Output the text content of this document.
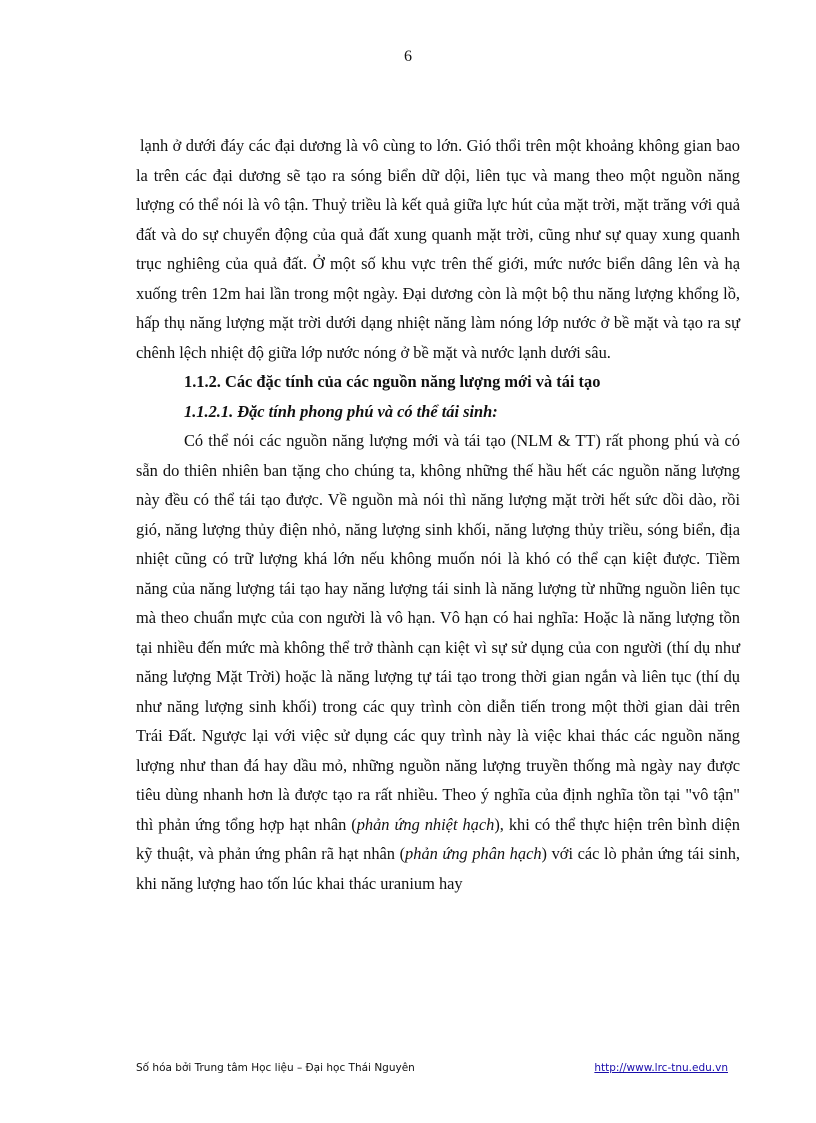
6

lạnh ở dưới đáy các đại dương là vô cùng to lớn. Gió thổi trên một khoảng không gian bao la trên các đại dương sẽ tạo ra sóng biển dữ dội, liên tục và mang theo một nguồn năng lượng có thể nói là vô tận. Thuỷ triều là kết quả giữa lực hút của mặt trời, mặt trăng với quả đất và do sự chuyển động của quả đất xung quanh mặt trời, cũng như sự quay xung quanh trục nghiêng của quả đất. Ở một số khu vực trên thế giới, mức nước biển dâng lên và hạ xuống trên 12m hai lần trong một ngày. Đại dương còn là một bộ thu năng lượng khổng lồ, hấp thụ năng lượng mặt trời dưới dạng nhiệt năng làm nóng lớp nước ở bề mặt và tạo ra sự chênh lệch nhiệt độ giữa lớp nước nóng ở bề mặt và nước lạnh dưới sâu.

1.1.2. Các đặc tính của các nguồn năng lượng mới và tái tạo

1.1.2.1. Đặc tính phong phú và có thể tái sinh:

Có thể nói các nguồn năng lượng mới và tái tạo (NLM & TT) rất phong phú và có sẵn do thiên nhiên ban tặng cho chúng ta, không những thế hầu hết các nguồn năng lượng này đều có thể tái tạo được. Về nguồn mà nói thì năng lượng mặt trời hết sức dồi dào, rồi gió, năng lượng thủy điện nhỏ, năng lượng sinh khối, năng lượng thủy triều, sóng biển, địa nhiệt cũng có trữ lượng khá lớn nếu không muốn nói là khó có thể cạn kiệt được. Tiềm năng của năng lượng tái tạo hay năng lượng tái sinh là năng lượng từ những nguồn liên tục mà theo chuẩn mực của con người là vô hạn. Vô hạn có hai nghĩa: Hoặc là năng lượng tồn tại nhiều đến mức mà không thể trở thành cạn kiệt vì sự sử dụng của con người (thí dụ như năng lượng Mặt Trời) hoặc là năng lượng tự tái tạo trong thời gian ngắn và liên tục (thí dụ như năng lượng sinh khối) trong các quy trình còn diễn tiến trong một thời gian dài trên Trái Đất. Ngược lại với việc sử dụng các quy trình này là việc khai thác các nguồn năng lượng như than đá hay dầu mỏ, những nguồn năng lượng truyền thống mà ngày nay được tiêu dùng nhanh hơn là được tạo ra rất nhiều. Theo ý nghĩa của định nghĩa tồn tại "vô tận" thì phản ứng tổng hợp hạt nhân (phản ứng nhiệt hạch), khi có thể thực hiện trên bình diện kỹ thuật, và phản ứng phân rã hạt nhân (phản ứng phân hạch) với các lò phản ứng tái sinh, khi năng lượng hao tốn lúc khai thác uranium hay

Số hóa bởi Trung tâm Học liệu – Đại học Thái Nguyên	http://www.lrc-tnu.edu.vn
